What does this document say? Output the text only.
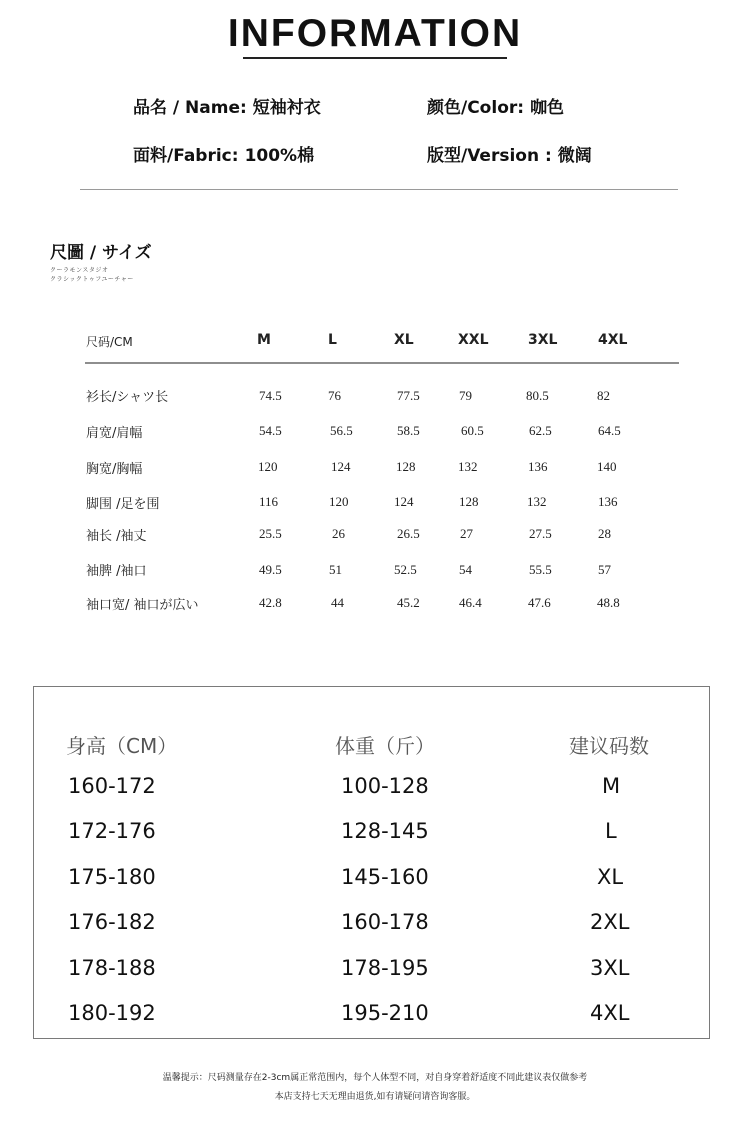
INFORMATION
品名 / Name: 短袖衬衣	颜色/Color: 咖色
面料/Fabric: 100%棉	版型/Version : 微阔
尺圖 / サイズ
クーラモンスタジオ
クラシックトゥフユーチャー
尺码/CM	M	L	XL	XXL	3XL	4XL
衫长/シャツ长	74.5	76	77.5	79	80.5	82
肩宽/肩幅	54.5	56.5	58.5	60.5	62.5	64.5
胸宽/胸幅	120	124	128	132	136	140
脚围 /足を围	116	120	124	128	132	136
袖长 /袖丈	25.5	26	26.5	27	27.5	28
袖脾 /袖口	49.5	51	52.5	54	55.5	57
袖口宽/ 袖口が広い	42.8	44	45.2	46.4	47.6	48.8
身高（CM）	体重（斤）	建议码数
160-172	100-128	M
172-176	128-145	L
175-180	145-160	XL
176-182	160-178	2XL
178-188	178-195	3XL
180-192	195-210	4XL
温馨提示：尺码测量存在2-3cm属正常范围内，每个人体型不同，对自身穿着舒适度不同此建议表仅做参考
本店支持七天无理由退货,如有请疑问请咨询客服。
